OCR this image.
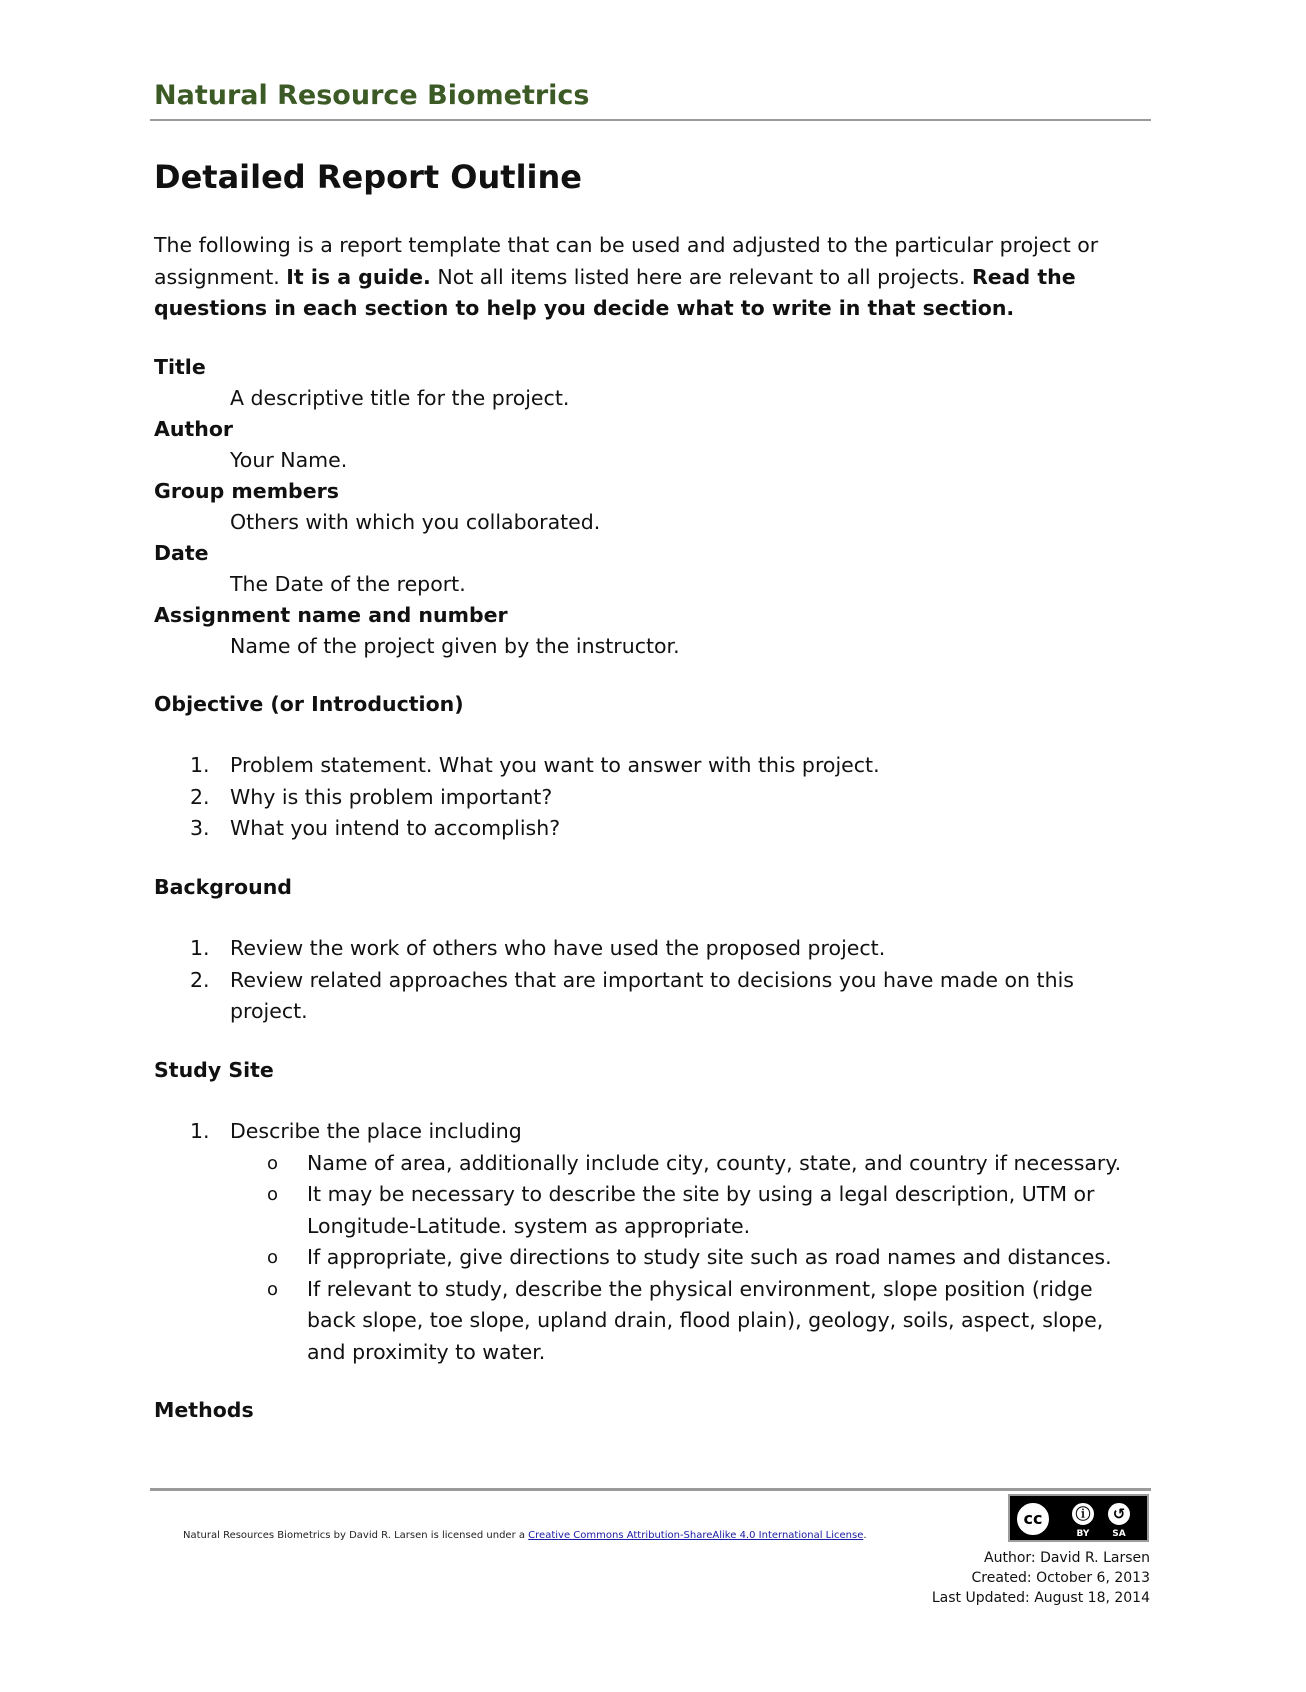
Natural Resource Biometrics
Detailed Report Outline

The following is a report template that can be used and adjusted to the particular project or assignment. It is a guide. Not all items listed here are relevant to all projects. Read the questions in each section to help you decide what to write in that section.

Title
A descriptive title for the project.
Author
Your Name.
Group members
Others with which you collaborated.
Date
The Date of the report.
Assignment name and number
Name of the project given by the instructor.
Objective (or Introduction)
1. Problem statement. What you want to answer with this project.
2. Why is this problem important?
3. What you intend to accomplish?
Background
1. Review the work of others who have used the proposed project.
2. Review related approaches that are important to decisions you have made on this project.
Study Site
1. Describe the place including
o Name of area, additionally include city, county, state, and country if necessary.
o It may be necessary to describe the site by using a legal description, UTM or Longitude-Latitude. system as appropriate.
o If appropriate, give directions to study site such as road names and distances.
o If relevant to study, describe the physical environment, slope position (ridge back slope, toe slope, upland drain, flood plain), geology, soils, aspect, slope, and proximity to water.
Methods
Natural Resources Biometrics by David R. Larsen is licensed under a Creative Commons Attribution-ShareAlike 4.0 International License.
cc	ⓘ	↺
BY	SA
Author: David R. Larsen
Created: October 6, 2013
Last Updated: August 18, 2014
